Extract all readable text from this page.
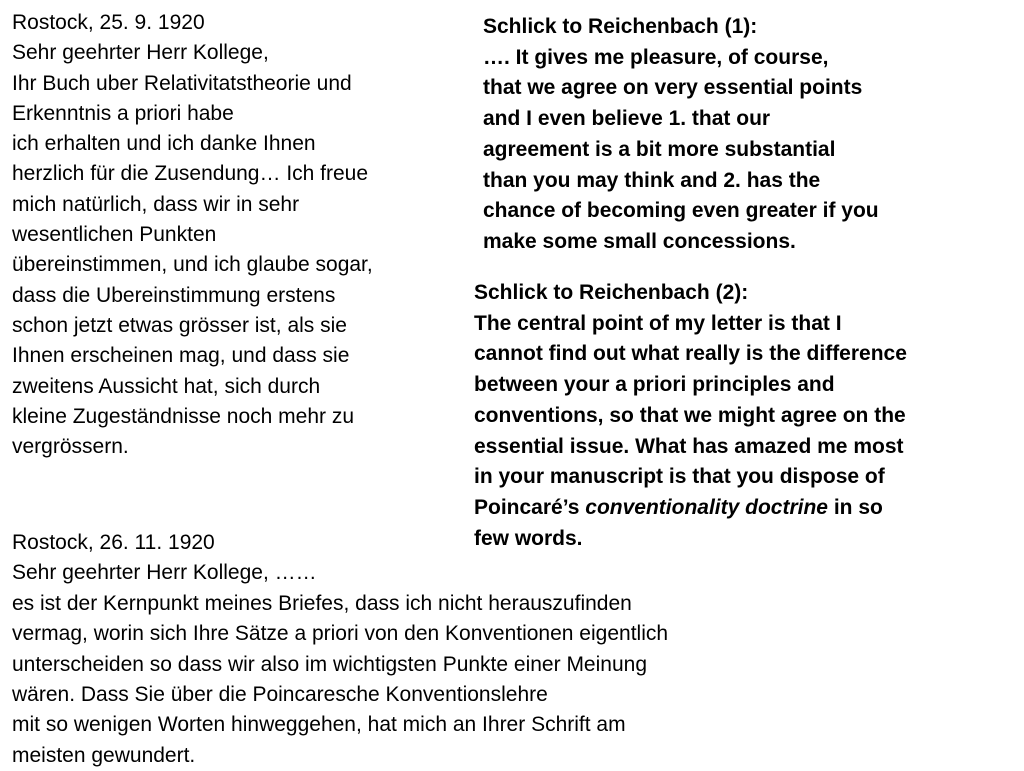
Rostock, 25. 9. 1920
Sehr geehrter Herr Kollege,
Ihr Buch uber Relativitatstheorie und
Erkenntnis a priori habe
ich erhalten und ich danke Ihnen
herzlich für die Zusendung… Ich freue
mich natürlich, dass wir in sehr
wesentlichen Punkten
übereinstimmen, und ich glaube sogar,
dass die Ubereinstimmung erstens
schon jetzt etwas grösser ist, als sie
Ihnen erscheinen mag, und dass sie
zweitens Aussicht hat, sich durch
kleine Zugeständnisse noch mehr zu
vergrössern.
Rostock, 26. 11. 1920
Sehr geehrter Herr Kollege, ……
es ist der Kernpunkt meines Briefes, dass ich nicht herauszufinden
vermag, worin sich Ihre Sätze a priori von den Konventionen eigentlich
unterscheiden so dass wir also im wichtigsten Punkte einer Meinung
wären. Dass Sie über die Poincaresche Konventionslehre
mit so wenigen Worten hinweggehen, hat mich an Ihrer Schrift am
meisten gewundert.
Schlick to Reichenbach (1):
…. It gives me pleasure, of course,
that we agree on very essential points
and I even believe 1. that our
agreement is a bit more substantial
than you may think and 2. has the
chance of becoming even greater if you
make some small concessions.
Schlick to Reichenbach (2):
The central point of my letter is that I
cannot find out what really is the difference
between your a priori principles and
conventions, so that we might agree on the
essential issue. What has amazed me most
in your manuscript is that you dispose of
Poincaré’s conventionality doctrine in so
few words.
